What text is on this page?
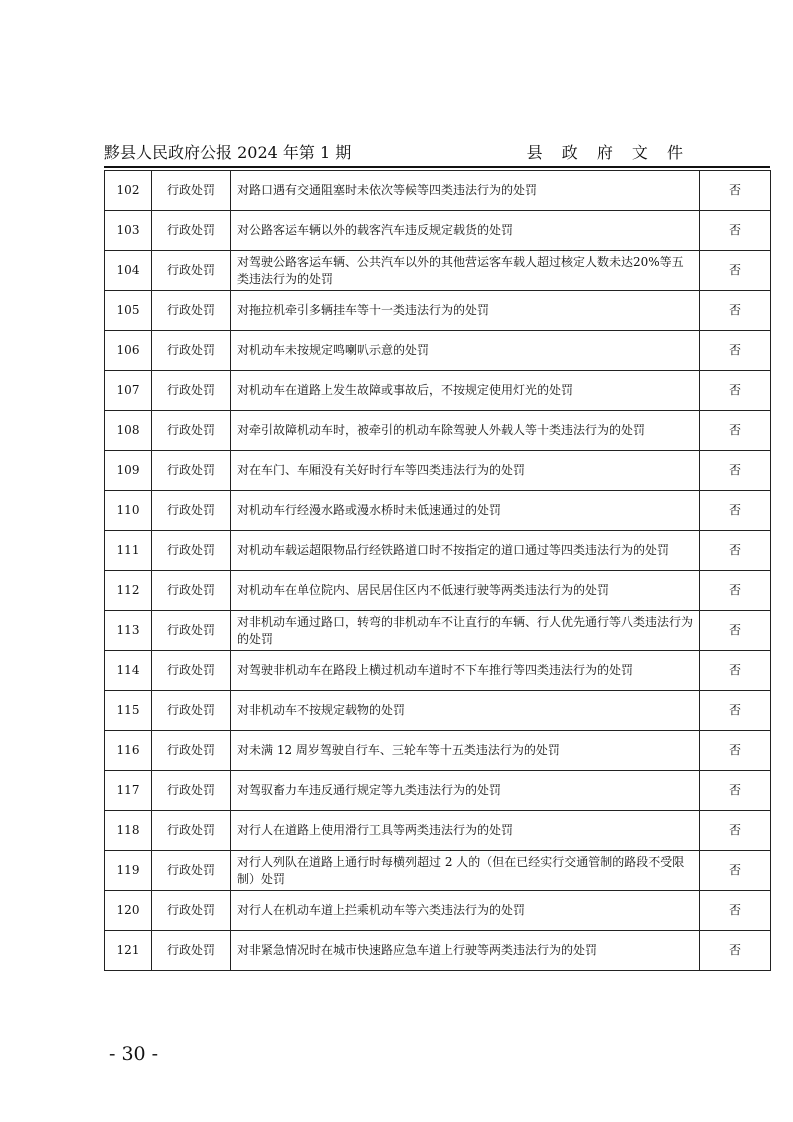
黟县人民政府公报 2024 年第 1 期	县 政 府 文 件
102	行政处罚	对路口遇有交通阻塞时未依次等候等四类违法行为的处罚	否
103	行政处罚	对公路客运车辆以外的载客汽车违反规定载货的处罚	否
104	行政处罚	对驾驶公路客运车辆、公共汽车以外的其他营运客车载人超过核定人数未达20%等五类违法行为的处罚	否
105	行政处罚	对拖拉机牵引多辆挂车等十一类违法行为的处罚	否
106	行政处罚	对机动车未按规定鸣喇叭示意的处罚	否
107	行政处罚	对机动车在道路上发生故障或事故后，不按规定使用灯光的处罚	否
108	行政处罚	对牵引故障机动车时，被牵引的机动车除驾驶人外载人等十类违法行为的处罚	否
109	行政处罚	对在车门、车厢没有关好时行车等四类违法行为的处罚	否
110	行政处罚	对机动车行经漫水路或漫水桥时未低速通过的处罚	否
111	行政处罚	对机动车载运超限物品行经铁路道口时不按指定的道口通过等四类违法行为的处罚	否
112	行政处罚	对机动车在单位院内、居民居住区内不低速行驶等两类违法行为的处罚	否
113	行政处罚	对非机动车通过路口，转弯的非机动车不让直行的车辆、行人优先通行等八类违法行为的处罚	否
114	行政处罚	对驾驶非机动车在路段上横过机动车道时不下车推行等四类违法行为的处罚	否
115	行政处罚	对非机动车不按规定载物的处罚	否
116	行政处罚	对未满 12 周岁驾驶自行车、三轮车等十五类违法行为的处罚	否
117	行政处罚	对驾驭畜力车违反通行规定等九类违法行为的处罚	否
118	行政处罚	对行人在道路上使用滑行工具等两类违法行为的处罚	否
119	行政处罚	对行人列队在道路上通行时每横列超过 2 人的（但在已经实行交通管制的路段不受限制）处罚	否
120	行政处罚	对行人在机动车道上拦乘机动车等六类违法行为的处罚	否
121	行政处罚	对非紧急情况时在城市快速路应急车道上行驶等两类违法行为的处罚	否
- 30 -
